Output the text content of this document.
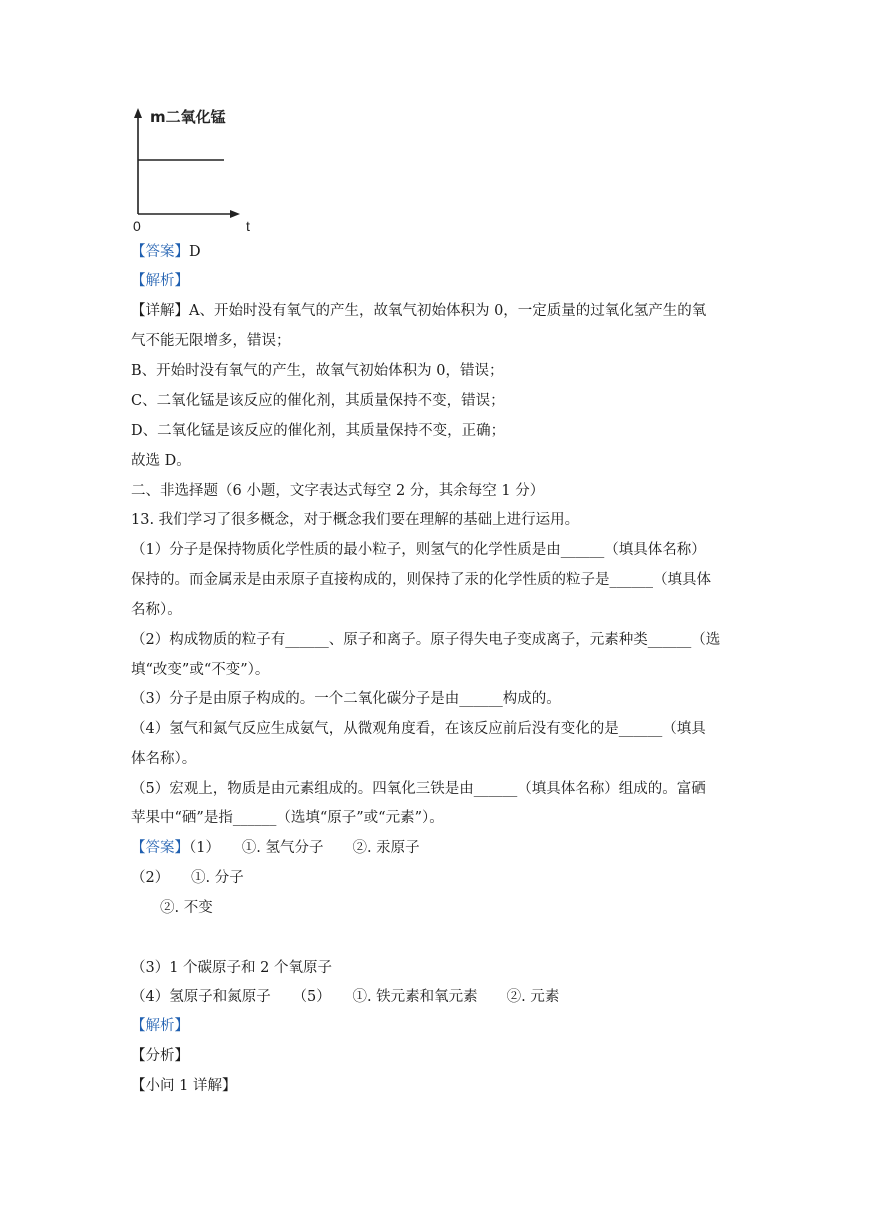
m二氧化锰
0	t
【答案】D
【解析】
【详解】A、开始时没有氧气的产生，故氧气初始体积为 0，一定质量的过氧化氢产生的氧
气不能无限增多，错误；
B、开始时没有氧气的产生，故氧气初始体积为 0，错误；
C、二氧化锰是该反应的催化剂，其质量保持不变，错误；
D、二氧化锰是该反应的催化剂，其质量保持不变，正确；
故选 D。
二、非选择题（6 小题，文字表达式每空 2 分，其余每空 1 分）
13. 我们学习了很多概念，对于概念我们要在理解的基础上进行运用。
（1）分子是保持物质化学性质的最小粒子，则氢气的化学性质是由______（填具体名称）
保持的。而金属汞是由汞原子直接构成的，则保持了汞的化学性质的粒子是______（填具体
名称）。
（2）构成物质的粒子有______、原子和离子。原子得失电子变成离子，元素种类______（选
填“改变”或“不变”）。
（3）分子是由原子构成的。一个二氧化碳分子是由______构成的。
（4）氢气和氮气反应生成氨气，从微观角度看，在该反应前后没有变化的是______（填具
体名称）。
（5）宏观上，物质是由元素组成的。四氧化三铁是由______（填具体名称）组成的。富硒
苹果中“硒”是指______（选填“原子”或“元素”）。
【答案】（1）　　①. 氢气分子　　②. 汞原子
（2）　　①. 分子
　　②. 不变
（3）1 个碳原子和 2 个氧原子
（4）氢原子和氮原子　　（5）　　①. 铁元素和氧元素　　②. 元素
【解析】
【分析】
【小问 1 详解】
